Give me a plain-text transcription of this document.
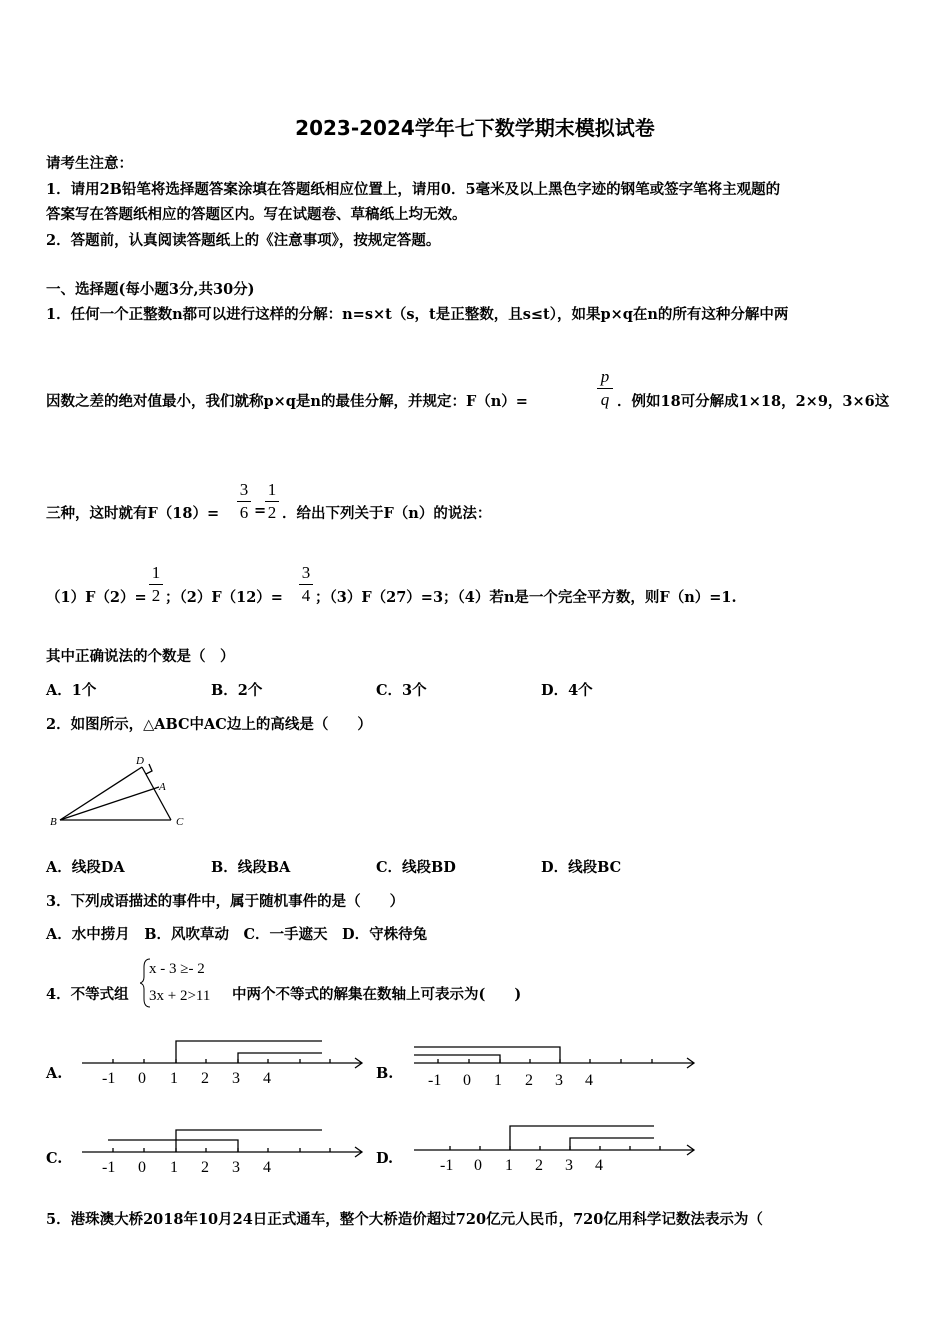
2023-2024学年七下数学期末模拟试卷
请考生注意：
1．请用2B铅笔将选择题答案涂填在答题纸相应位置上，请用0．5毫米及以上黑色字迹的钢笔或签字笔将主观题的
答案写在答题纸相应的答题区内。写在试题卷、草稿纸上均无效。
2．答题前，认真阅读答题纸上的《注意事项》，按规定答题。
一、选择题(每小题3分,共30分)
1．任何一个正整数n都可以进行这样的分解：n=s×t（s，t是正整数，且s≤t），如果p×q在n的所有这种分解中两
因数之差的绝对值最小，我们就称p×q是n的最佳分解，并规定：F（n）=
p
q ．例如18可分解成1×18，2×9，3×6这
三种，这时就有F（18）=
3
6 =
1
2 ．给出下列关于F（n）的说法：
（1）F（2）=
1
2 ；（2）F（12）=
3
4 ；（3）F（27）=3；（4）若n是一个完全平方数，则F（n）=1.
其中正确说法的个数是（　）
A．1个	B．2个	C．3个	D．4个
2．如图所示，△ABC中AC边上的高线是（　　）
D
A
B	C
A．线段DA	B．线段BA	C．线段BD	D．线段BC
3．下列成语描述的事件中，属于随机事件的是（　　）
A．水中捞月　B．风吹草动　C．一手遮天　D．守株待兔
4．不等式组
x - 3 ≥- 2
3x + 2>11 中两个不等式的解集在数轴上可表示为(　　)
A. -1 0 1 2 3 4	B. -1 0 1 2 3 4
C.
-1 0 1 2 3 4
D.	-1 0 1 2 3 4
5．港珠澳大桥2018年10月24日正式通车，整个大桥造价超过720亿元人民币，720亿用科学记数法表示为（
